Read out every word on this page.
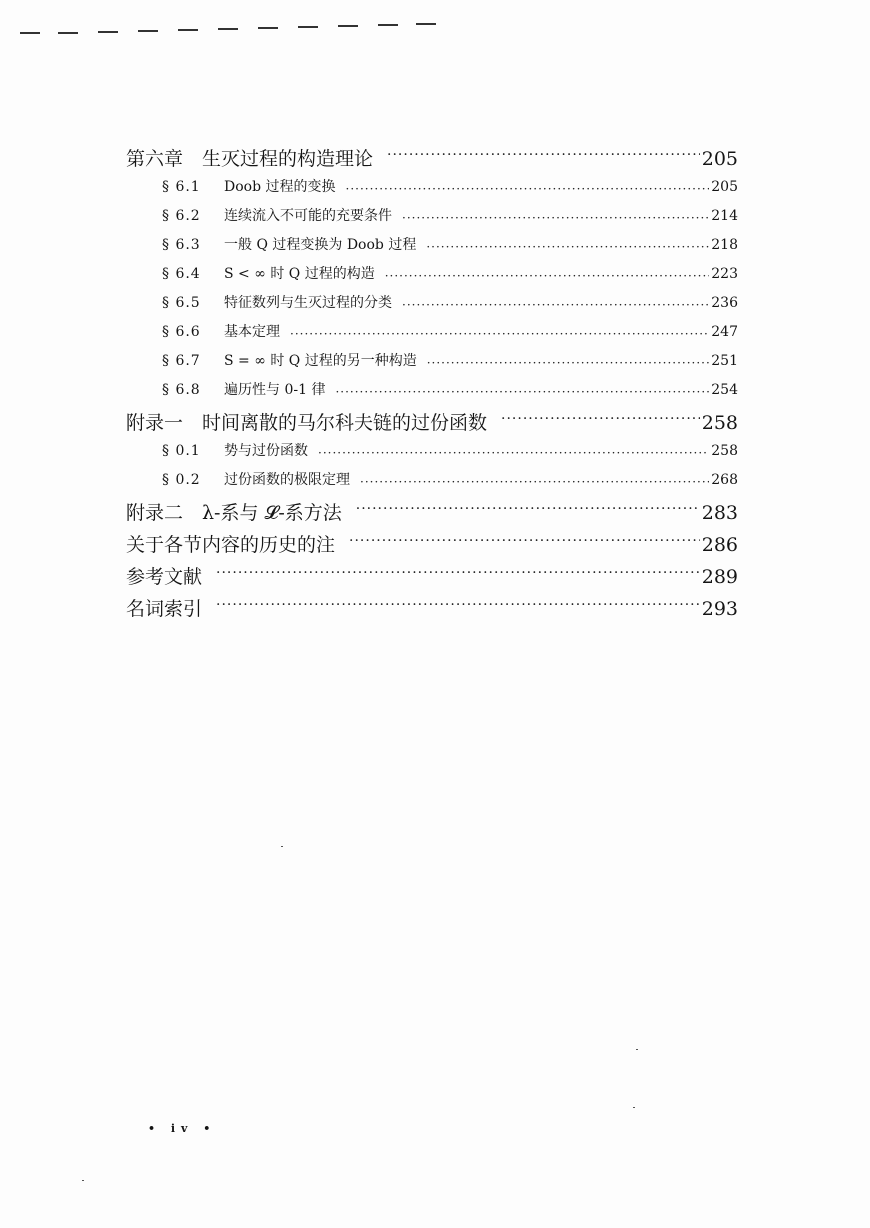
第六章　生灭过程的构造理论 ·····	205
§ 6.1	Doob 过程的变换 ·····	205
§ 6.2	连续流入不可能的充要条件 ·····	214
§ 6.3	一般 Q 过程变换为 Doob 过程 ·····	218
§ 6.4	S < ∞ 时 Q 过程的构造 ·····	223
§ 6.5	特征数列与生灭过程的分类 ·····	236
§ 6.6	基本定理 ·····	247
§ 6.7	S = ∞ 时 Q 过程的另一种构造 ·····	251
§ 6.8	遍历性与 0-1 律 ·····	254
附录一　时间离散的马尔科夫链的过份函数 ·····	258
§ 0.1	势与过份函数 ·····	258
§ 0.2	过份函数的极限定理 ·····	268
附录二　λ-系与 𝓛-系方法 ·····	283
关于各节内容的历史的注 ·····	286
参考文献 ·····	289
名词索引 ·····	293
• iv •
